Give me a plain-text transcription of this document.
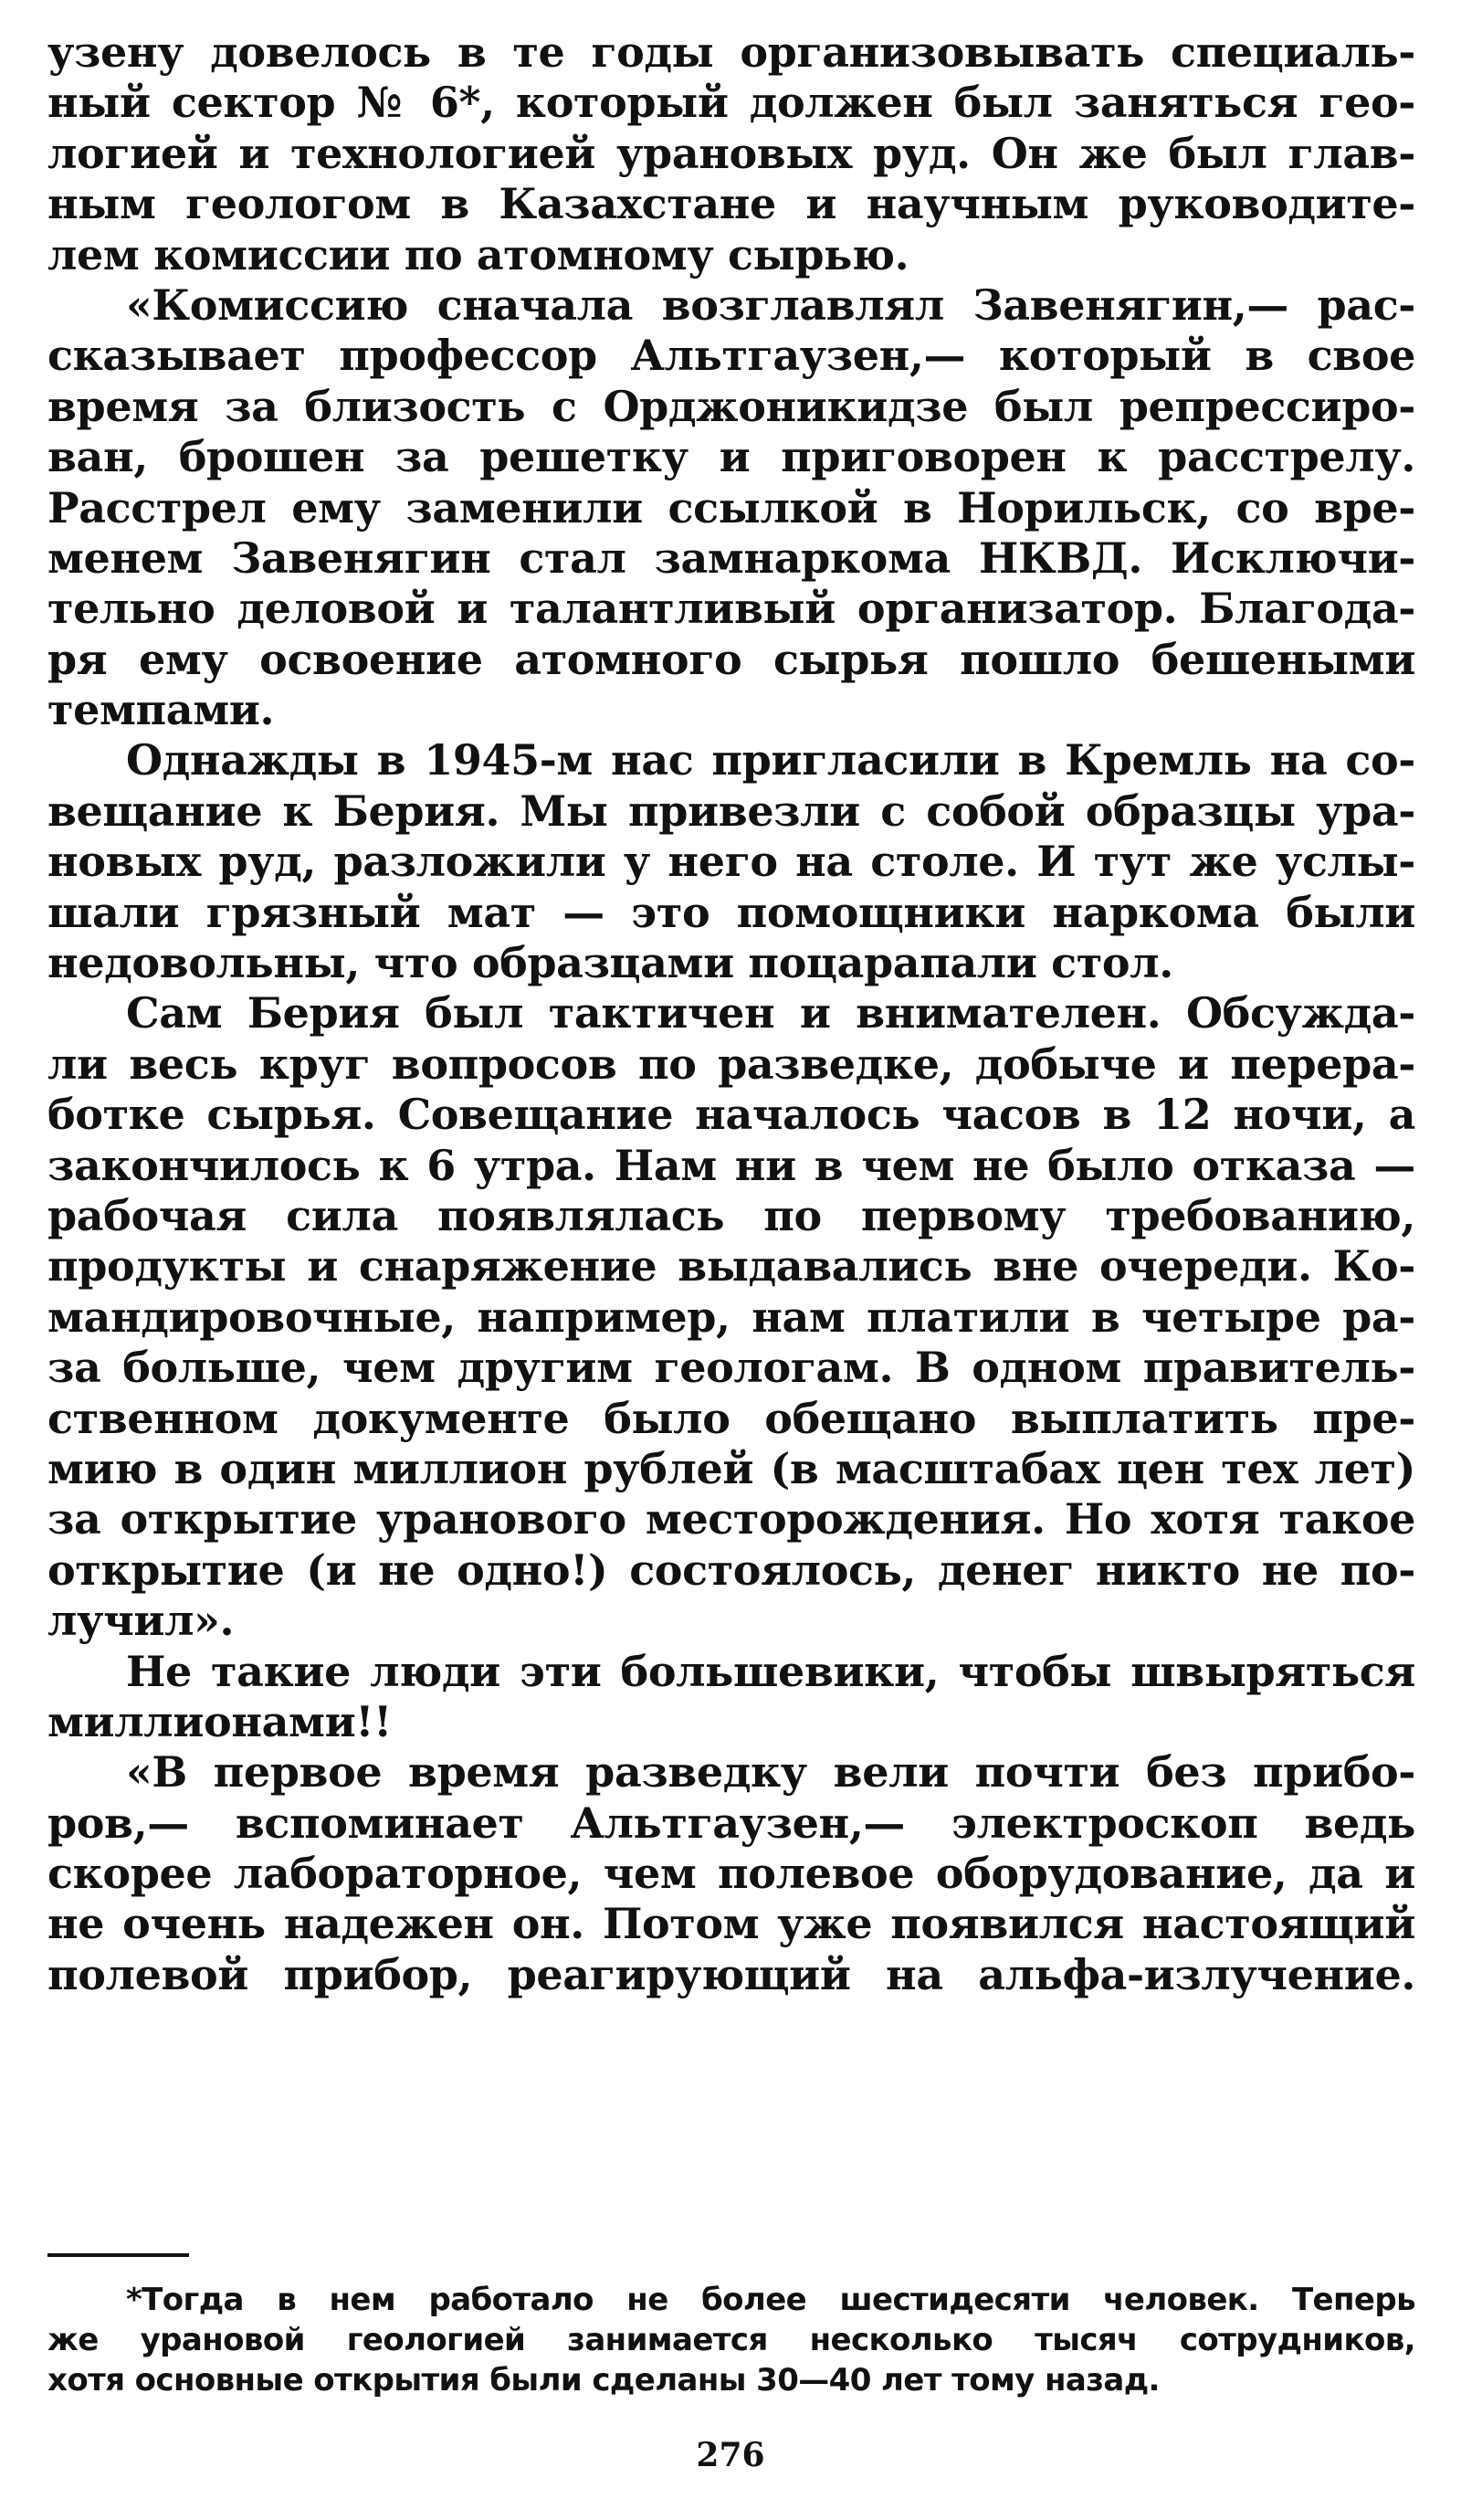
узену довелось в те годы организовывать специаль-
ный сектор № 6*, который должен был заняться гео-
логией и технологией урановых руд. Он же был глав-
ным геологом в Казахстане и научным руководите-
лем комиссии по атомному сырью.
«Комиссию сначала возглавлял Завенягин,— рас-
сказывает профессор Альтгаузен,— который в свое
время за близость с Орджоникидзе был репрессиро-
ван, брошен за решетку и приговорен к расстрелу.
Расстрел ему заменили ссылкой в Норильск, со вре-
менем Завенягин стал замнаркома НКВД. Исключи-
тельно деловой и талантливый организатор. Благода-
ря ему освоение атомного сырья пошло бешеными
темпами.
Однажды в 1945-м нас пригласили в Кремль на со-
вещание к Берия. Мы привезли с собой образцы ура-
новых руд, разложили у него на столе. И тут же услы-
шали грязный мат — это помощники наркома были
недовольны, что образцами поцарапали стол.
Сам Берия был тактичен и внимателен. Обсужда-
ли весь круг вопросов по разведке, добыче и перера-
ботке сырья. Совещание началось часов в 12 ночи, а
закончилось к 6 утра. Нам ни в чем не было отказа —
рабочая сила появлялась по первому требованию,
продукты и снаряжение выдавались вне очереди. Ко-
мандировочные, например, нам платили в четыре ра-
за больше, чем другим геологам. В одном правитель-
ственном документе было обещано выплатить пре-
мию в один миллион рублей (в масштабах цен тех лет)
за открытие уранового месторождения. Но хотя такое
открытие (и не одно!) состоялось, денег никто не по-
лучил».
Не такие люди эти большевики, чтобы швыряться
миллионами!!
«В первое время разведку вели почти без прибо-
ров,— вспоминает Альтгаузен,— электроскоп ведь
скорее лабораторное, чем полевое оборудование, да и
не очень надежен он. Потом уже появился настоящий
полевой прибор, реагирующий на альфа-излучение.
*Тогда в нем работало не более шестидесяти человек. Теперь
же урановой геологией занимается несколько тысяч сотрудников,
хотя основные открытия были сделаны 30—40 лет тому назад.
276
